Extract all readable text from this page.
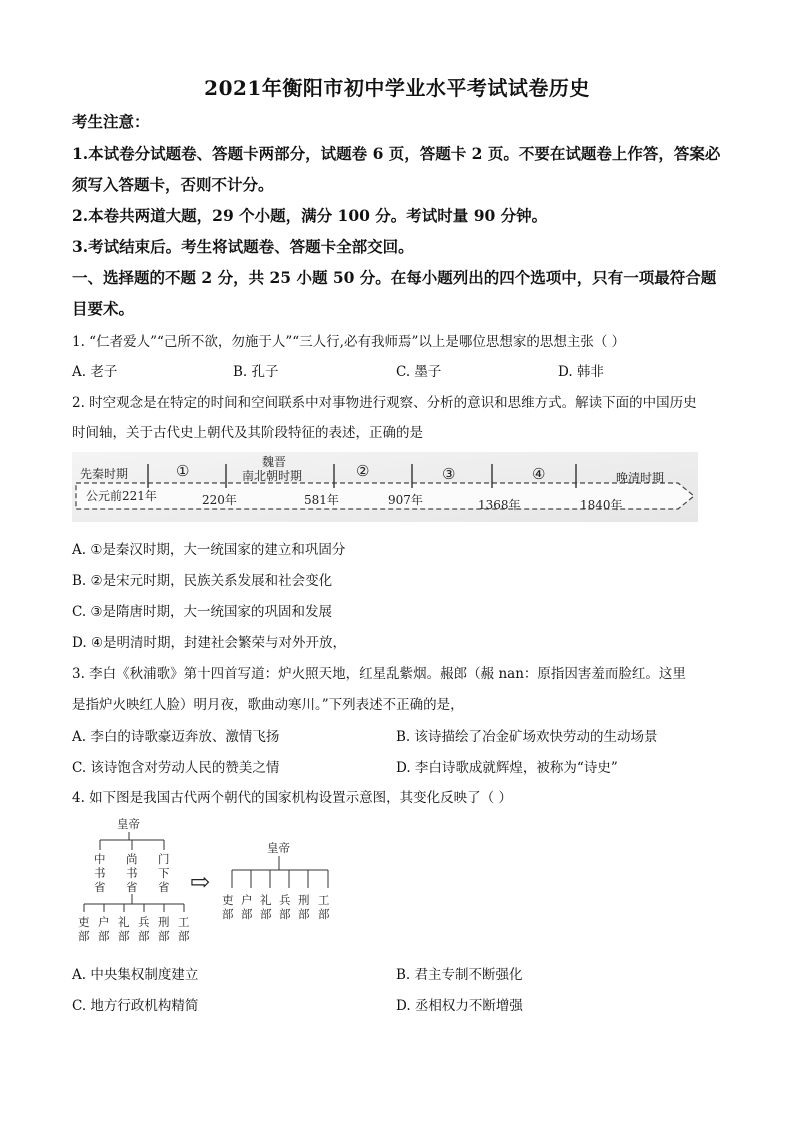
2021年衡阳市初中学业水平考试试卷历史
考生注意：
1.本试卷分试题卷、答题卡两部分，试题卷 6 页，答题卡 2 页。不要在试题卷上作答，答案必
须写入答题卡，否则不计分。
2.本卷共两道大题，29 个小题，满分 100 分。考试时量 90 分钟。
3.考试结束后。考生将试题卷、答题卡全部交回。
一、选择题的不题 2 分，共 25 小题 50 分。在每小题列出的四个选项中，只有一项最符合题
目要术。
1. “仁者爱人”“己所不欲，勿施于人”“三人行,必有我师焉”以上是哪位思想家的思想主张（ ）
A. 老子	B. 孔子	C. 墨子	D. 韩非
2. 时空观念是在特定的时间和空间联系中对事物进行观察、分析的意识和思维方式。解读下面的中国历史
时间轴，关于古代史上朝代及其阶段特征的表述，正确的是
先秦时期	①	魏晋
南北朝时期	②	③	④	晚清时期
公元前221年	220年	581年	907年	1368年	1840年
A. ①是秦汉时期，大一统国家的建立和巩固分
B. ②是宋元时期，民族关系发展和社会变化
C. ③是隋唐时期，大一统国家的巩固和发展
D. ④是明清时期，封建社会繁荣与对外开放，
3. 李白《秋浦歌》第十四首写道：炉火照天地，红星乱紫烟。赧郎（赧 nan：原指因害羞而脸红。这里
是指炉火映红人脸）明月夜，歌曲动寒川。”下列表述不正确的是，
A. 李白的诗歌豪迈奔放、激情飞扬	B. 该诗描绘了冶金矿场欢快劳动的生动场景
C. 该诗饱含对劳动人民的赞美之情	D. 李白诗歌成就辉煌，被称为“诗史”
4. 如下图是我国古代两个朝代的国家机构设置示意图，其变化反映了（ ）
皇帝
中 书省
尚 书省
门 下省
吏部
户部
礼部
兵部
刑部
工部
⇨
皇帝
吏部
户部
礼部
兵部
刑部
工部
A. 中央集权制度建立	B. 君主专制不断强化
C. 地方行政机构精简	D. 丞相权力不断增强
